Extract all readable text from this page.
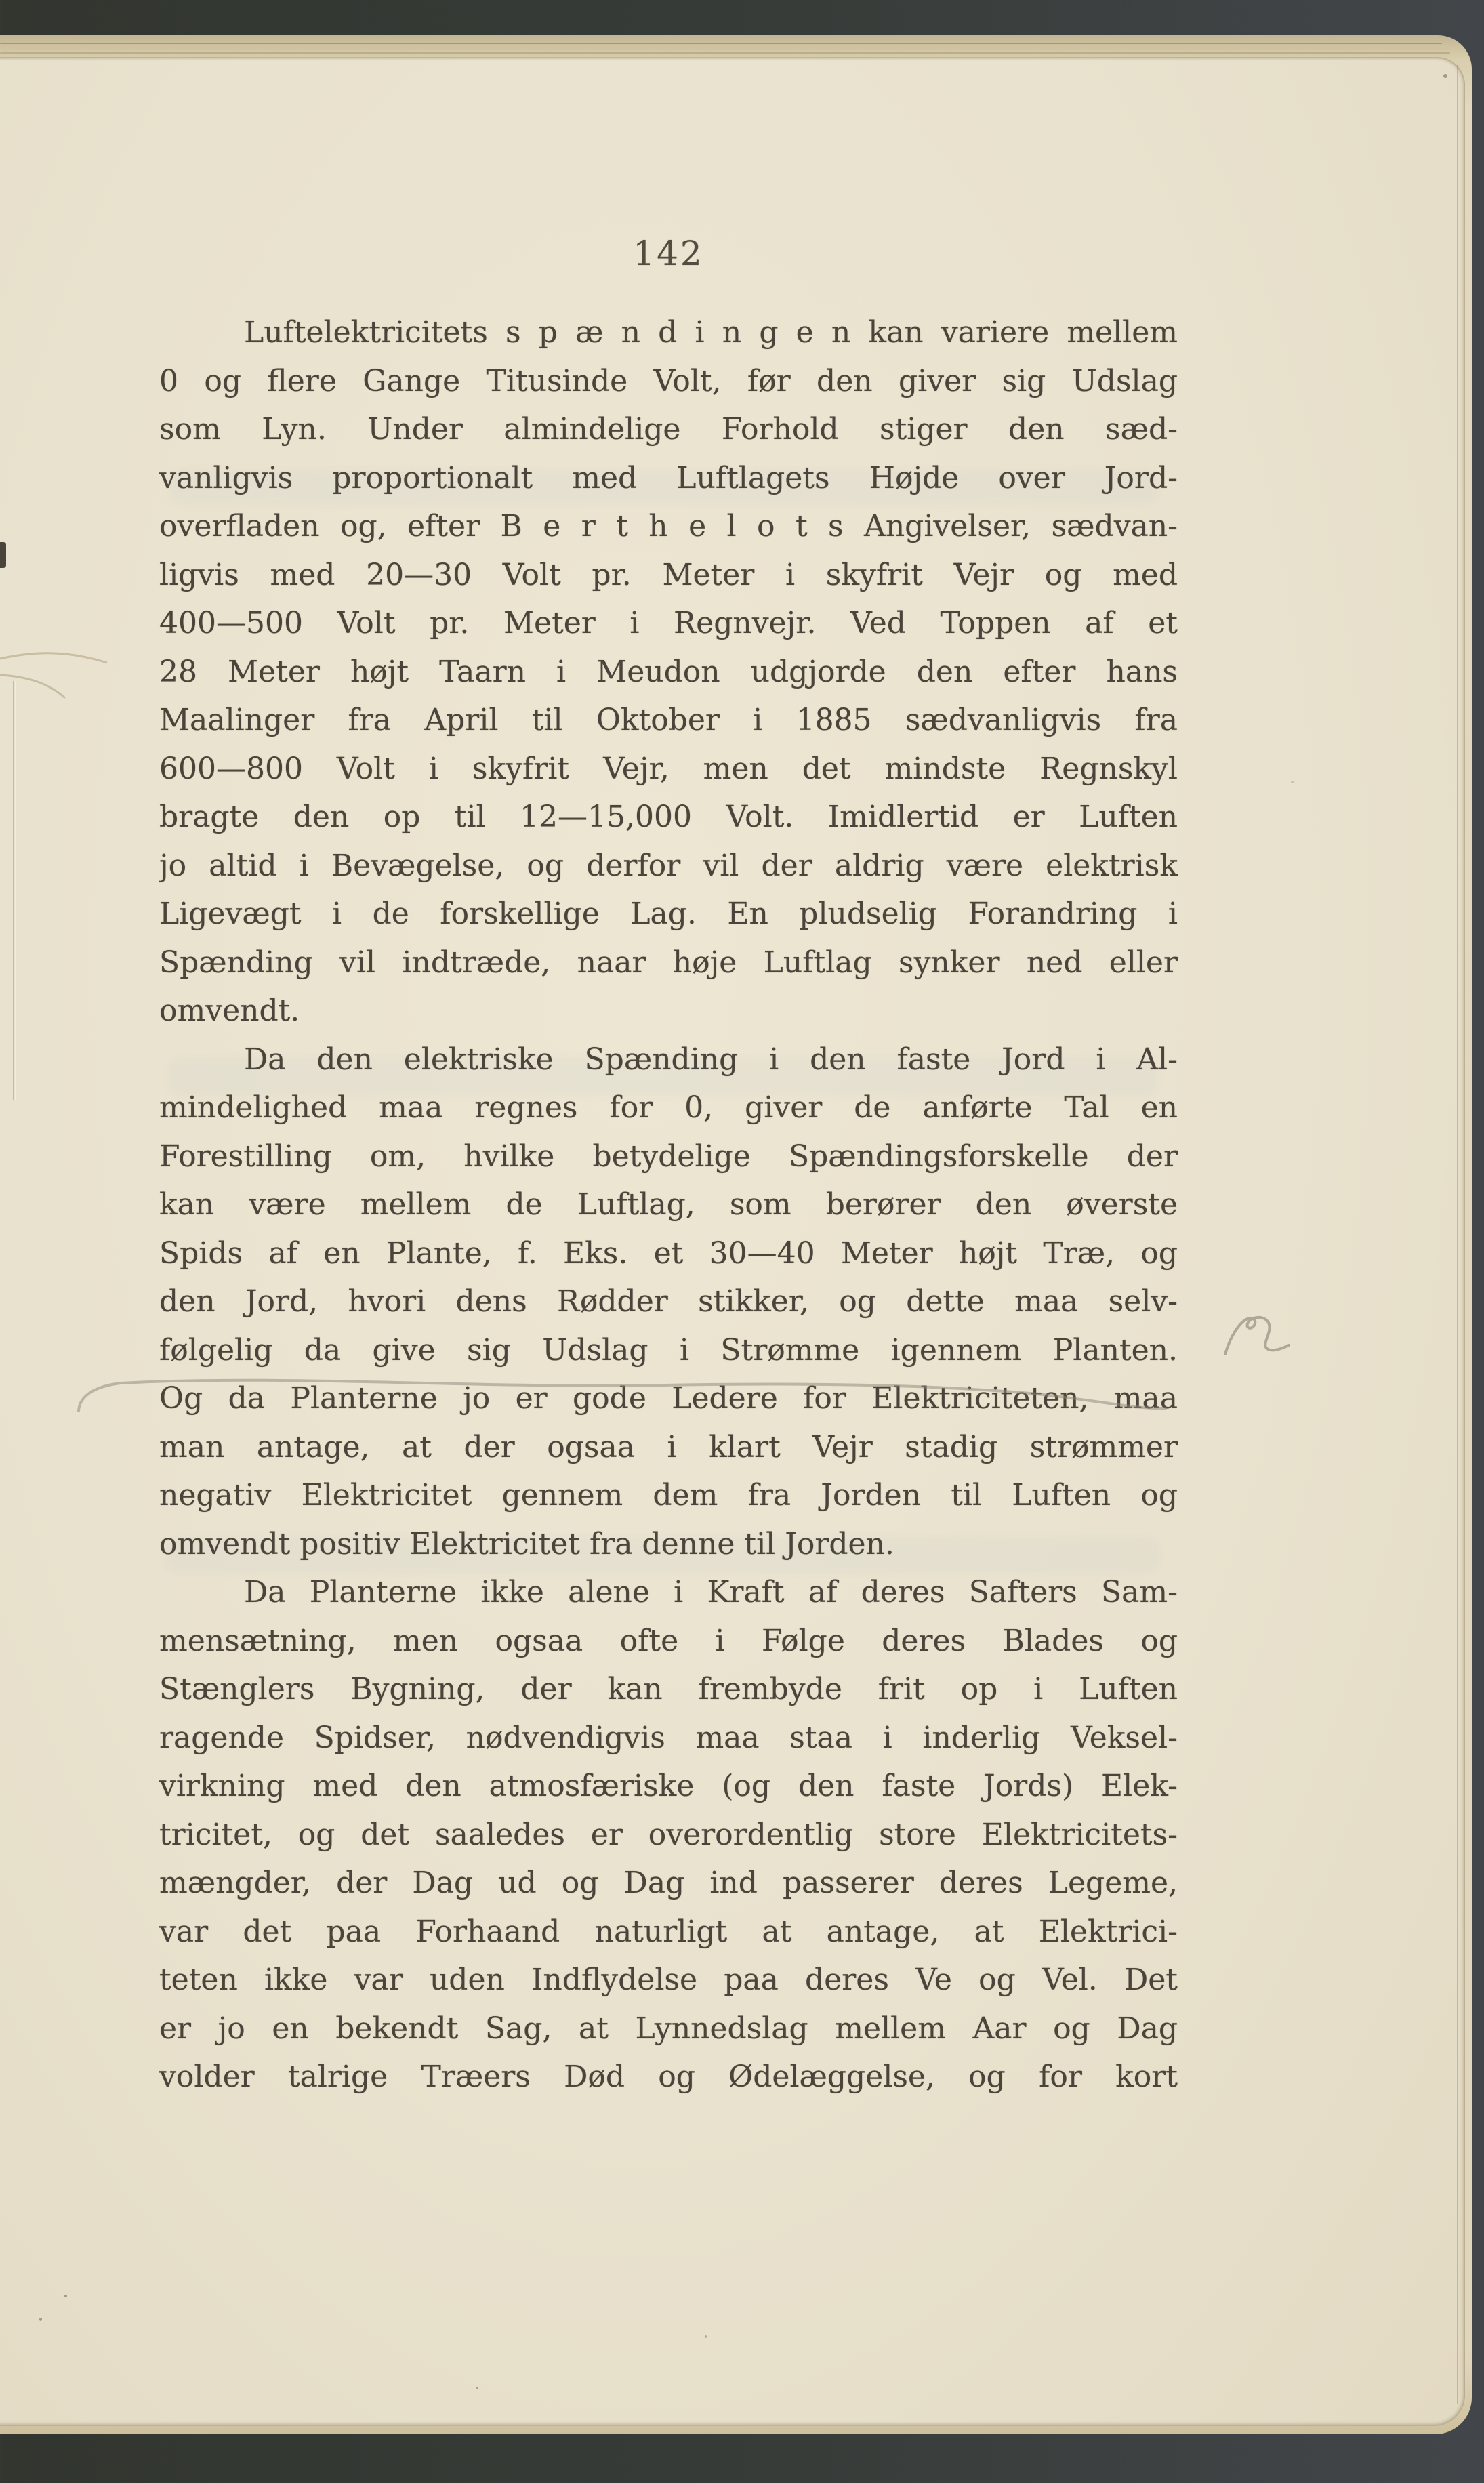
142
Luftelektricitets s p æ n d i n g e n kan variere mellem
0 og flere Gange Titusinde Volt, før den giver sig Udslag
som Lyn. Under almindelige Forhold stiger den sæd-
vanligvis proportionalt med Luftlagets Højde over Jord-
overfladen og, efter B e r t h e l o t s Angivelser, sædvan-
ligvis med 20—30 Volt pr. Meter i skyfrit Vejr og med
400—500 Volt pr. Meter i Regnvejr. Ved Toppen af et
28 Meter højt Taarn i Meudon udgjorde den efter hans
Maalinger fra April til Oktober i 1885 sædvanligvis fra
600—800 Volt i skyfrit Vejr, men det mindste Regnskyl
bragte den op til 12—15,000 Volt. Imidlertid er Luften
jo altid i Bevægelse, og derfor vil der aldrig være elektrisk
Ligevægt i de forskellige Lag. En pludselig Forandring i
Spænding vil indtræde, naar høje Luftlag synker ned eller
omvendt.
Da den elektriske Spænding i den faste Jord i Al-
mindelighed maa regnes for 0, giver de anførte Tal en
Forestilling om, hvilke betydelige Spændingsforskelle der
kan være mellem de Luftlag, som berører den øverste
Spids af en Plante, f. Eks. et 30—40 Meter højt Træ, og
den Jord, hvori dens Rødder stikker, og dette maa selv-
følgelig da give sig Udslag i Strømme igennem Planten.
Og da Planterne jo er gode Ledere for Elektriciteten, maa
man antage, at der ogsaa i klart Vejr stadig strømmer
negativ Elektricitet gennem dem fra Jorden til Luften og
omvendt positiv Elektricitet fra denne til Jorden.
Da Planterne ikke alene i Kraft af deres Safters Sam-
mensætning, men ogsaa ofte i Følge deres Blades og
Stænglers Bygning, der kan frembyde frit op i Luften
ragende Spidser, nødvendigvis maa staa i inderlig Veksel-
virkning med den atmosfæriske (og den faste Jords) Elek-
tricitet, og det saaledes er overordentlig store Elektricitets-
mængder, der Dag ud og Dag ind passerer deres Legeme,
var det paa Forhaand naturligt at antage, at Elektrici-
teten ikke var uden Indflydelse paa deres Ve og Vel. Det
er jo en bekendt Sag, at Lynnedslag mellem Aar og Dag
volder talrige Træers Død og Ødelæggelse, og for kort
